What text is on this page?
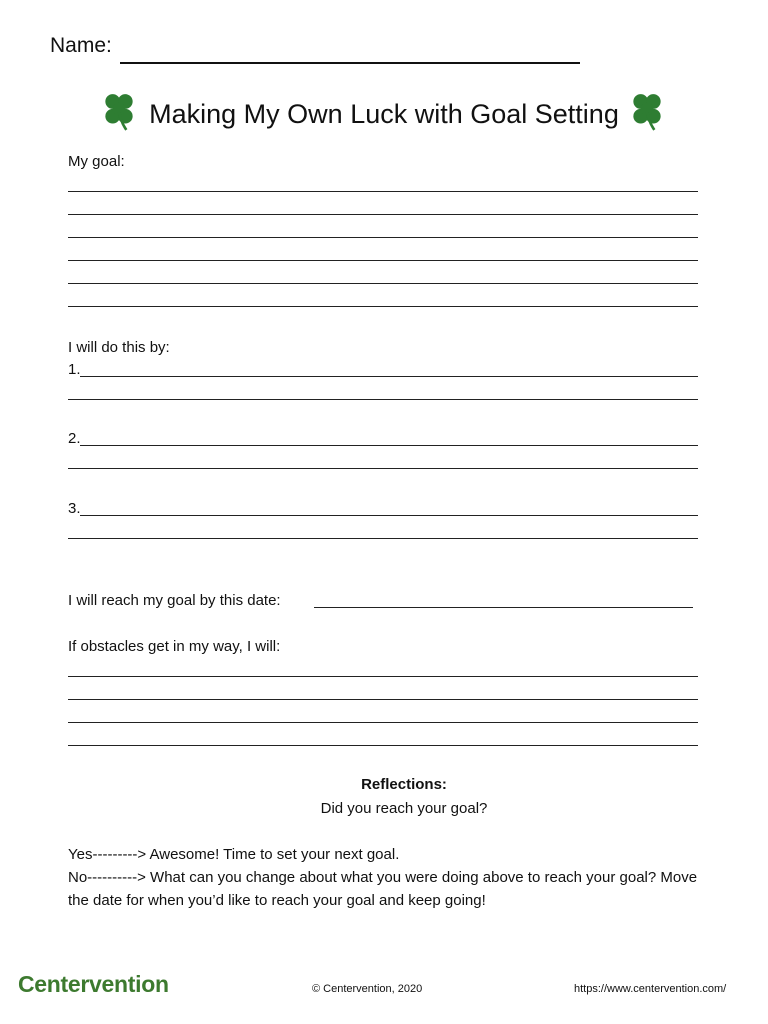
Name:
Making My Own Luck with Goal Setting
My goal:
I will do this by:
1.
2.
3.
I will reach my goal by this date:
If obstacles get in my way, I will:
Reflections:
Did you reach your goal?
Yes---------> Awesome! Time to set your next goal.
No----------> What can you change about what you were doing above to reach your goal? Move the date for when you’d like to reach your goal and keep going!
Centervention	© Centervention, 2020	https://www.centervention.com/
